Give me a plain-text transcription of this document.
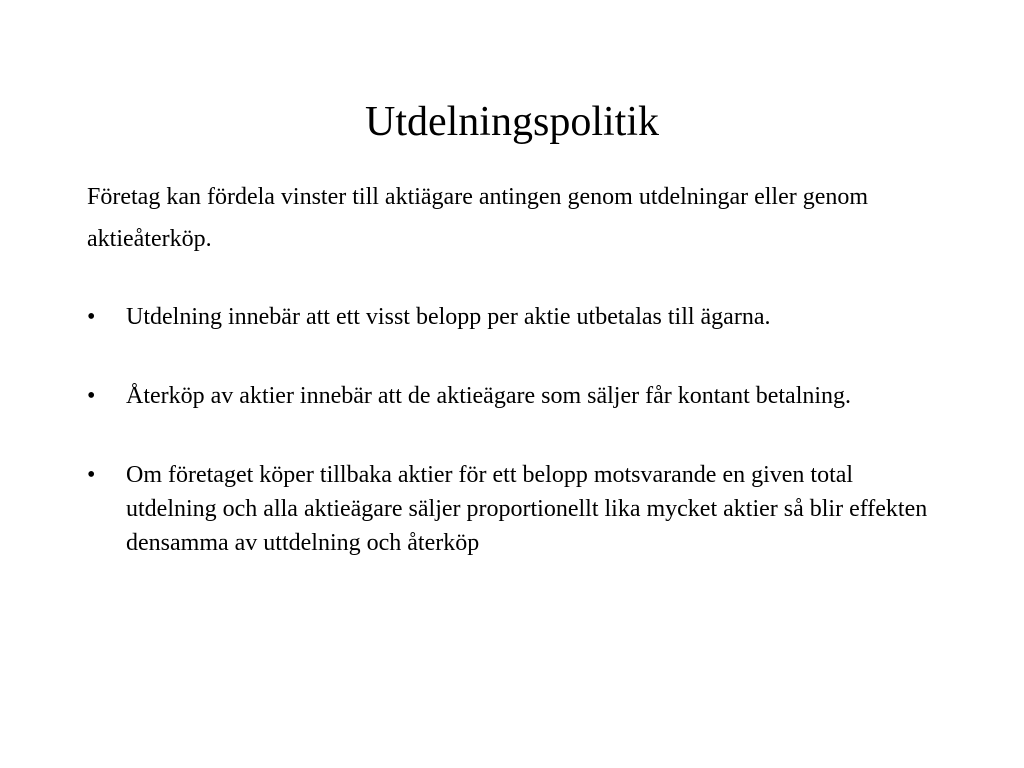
Utdelningspolitik

Företag kan fördela vinster till aktiägare antingen genom utdelningar eller genom aktieåterköp.

•	Utdelning innebär att ett visst belopp per aktie utbetalas till ägarna.
•	Återköp av aktier innebär att de aktieägare som säljer får kontant betalning.
•	Om företaget köper tillbaka aktier för ett belopp motsvarande en given total utdelning och alla aktieägare säljer proportionellt lika mycket aktier så blir effekten densamma av uttdelning och återköp
